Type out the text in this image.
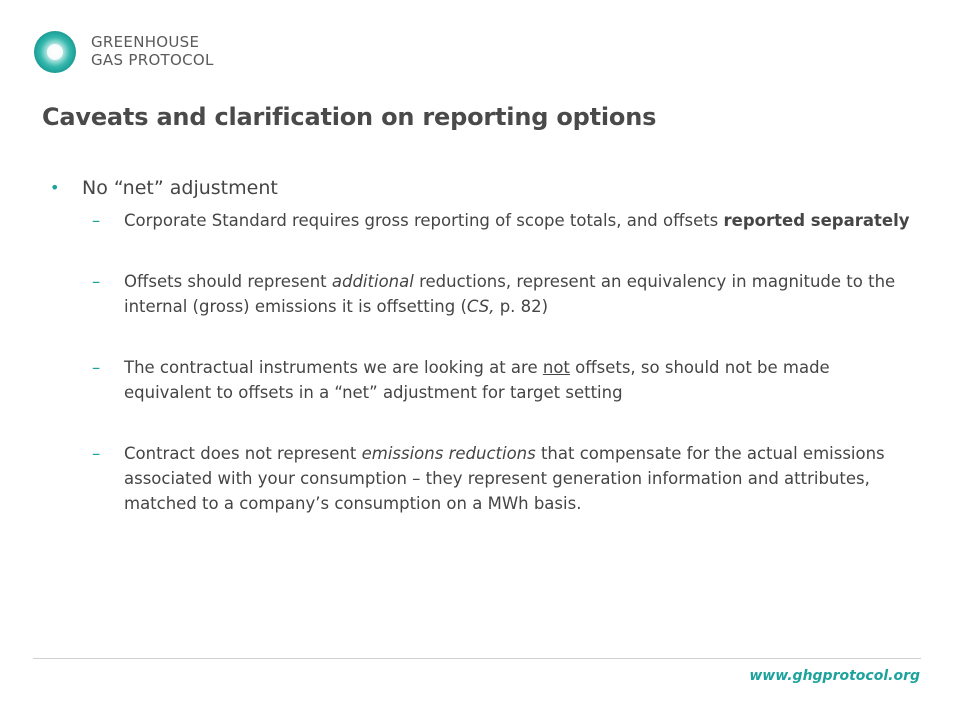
GREENHOUSE
GAS PROTOCOL
Caveats and clarification on reporting options
• No “net” adjustment
– Corporate Standard requires gross reporting of scope totals, and offsets reported separately
– Offsets should represent additional reductions, represent an equivalency in magnitude to the internal (gross) emissions it is offsetting (CS, p. 82)
– The contractual instruments we are looking at are not offsets, so should not be made equivalent to offsets in a “net” adjustment for target setting
– Contract does not represent emissions reductions that compensate for the actual emissions associated with your consumption – they represent generation information and attributes, matched to a company’s consumption on a MWh basis.
www.ghgprotocol.org
